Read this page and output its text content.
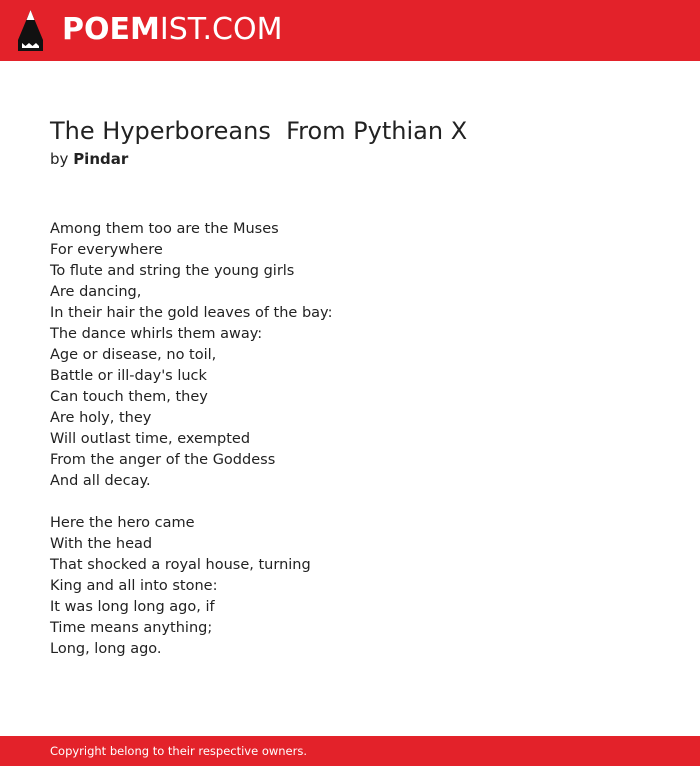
POEMIST.COM
The Hyperboreans  From Pythian X
by Pindar
Among them too are the Muses
For everywhere
To flute and string the young girls
Are dancing,
In their hair the gold leaves of the bay:
The dance whirls them away:
Age or disease, no toil,
Battle or ill-day's luck
Can touch them, they
Are holy, they
Will outlast time, exempted
From the anger of the Goddess
And all decay.
Here the hero came
With the head
That shocked a royal house, turning
King and all into stone:
It was long long ago, if
Time means anything;
Long, long ago.
Copyright belong to their respective owners.
